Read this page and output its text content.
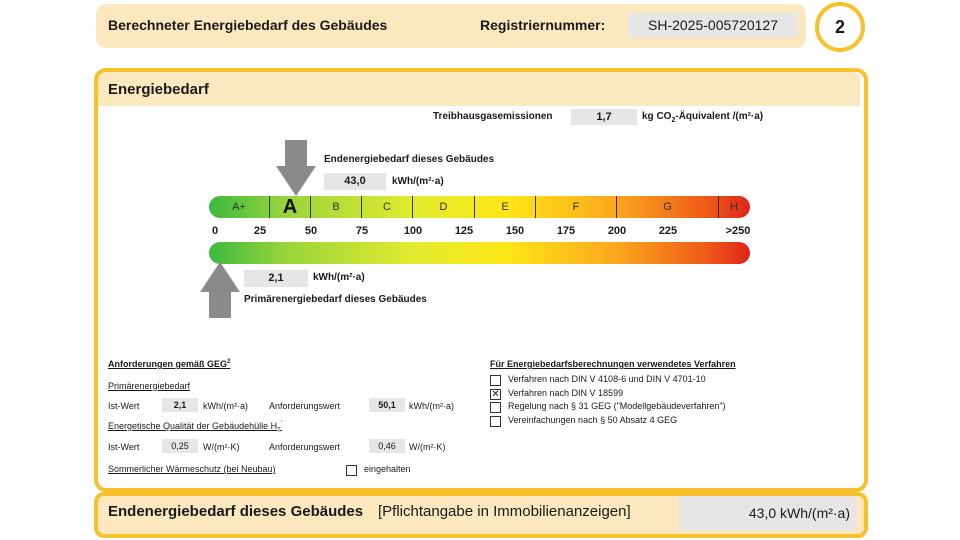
Berechneter Energiebedarf des Gebäudes	Registriernummer:	SH-2025-005720127	2
Energiebedarf
Treibhausgasemissionen	1,7	kg $CO_2$-Äquivalent /(m²·a)
Endenergiebedarf dieses Gebäudes
43,0	kWh/(m²·a)
A+	A	B	C	D	E	F	G	H
0	25	50	75	100	125	150	175	200	225	>250
2,1	kWh/(m²·a)
Primärenergiebedarf dieses Gebäudes
Anforderungen gemäß GEG$^2$
Primärenergiebedarf
Ist-Wert	2,1	kWh/(m²·a) Anforderungswert	50,1	kWh/(m²·a)
Energetische Qualität der Gebäudehülle $H_T'$
Ist-Wert	0,25	W/(m²·K)	Anforderungswert	0,46	W/(m²·K)
Sommerlicher Wärmeschutz (bei Neubau)	eingehalten
Für Energiebedarfsberechnungen verwendetes Verfahren
Verfahren nach DIN V 4108-6 und DIN V 4701-10
✕ Verfahren nach DIN V 18599
Regelung nach § 31 GEG ("Modellgebäudeverfahren")
Vereinfachungen nach § 50 Absatz 4 GEG
Endenergiebedarf dieses Gebäudes [Pflichtangabe in Immobilienanzeigen]	43,0 kWh/(m²·a)
